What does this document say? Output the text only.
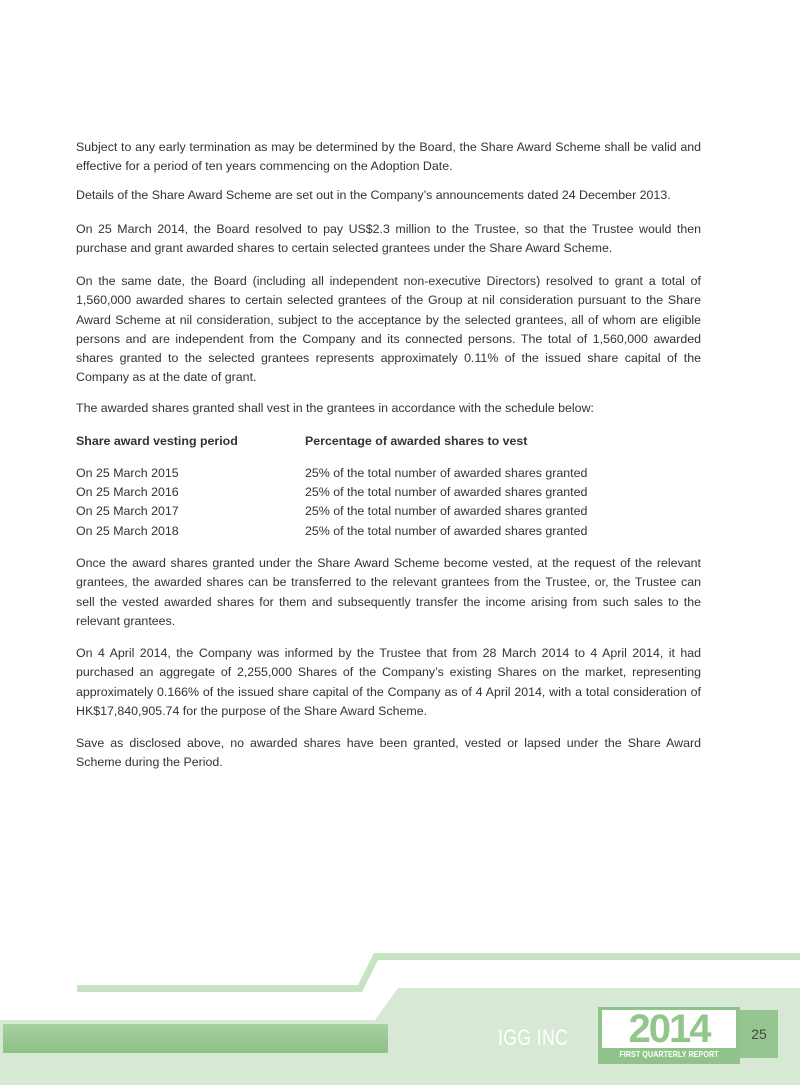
Subject to any early termination as may be determined by the Board, the Share Award Scheme shall be valid and effective for a period of ten years commencing on the Adoption Date.
Details of the Share Award Scheme are set out in the Company’s announcements dated 24 December 2013.
On 25 March 2014, the Board resolved to pay US$2.3 million to the Trustee, so that the Trustee would then purchase and grant awarded shares to certain selected grantees under the Share Award Scheme.
On the same date, the Board (including all independent non-executive Directors) resolved to grant a total of 1,560,000 awarded shares to certain selected grantees of the Group at nil consideration pursuant to the Share Award Scheme at nil consideration, subject to the acceptance by the selected grantees, all of whom are eligible persons and are independent from the Company and its connected persons. The total of 1,560,000 awarded shares granted to the selected grantees represents approximately 0.11% of the issued share capital of the Company as at the date of grant.
The awarded shares granted shall vest in the grantees in accordance with the schedule below:
Share award vesting period	Percentage of awarded shares to vest
On 25 March 2015	25% of the total number of awarded shares granted
On 25 March 2016	25% of the total number of awarded shares granted
On 25 March 2017	25% of the total number of awarded shares granted
On 25 March 2018	25% of the total number of awarded shares granted
Once the award shares granted under the Share Award Scheme become vested, at the request of the relevant grantees, the awarded shares can be transferred to the relevant grantees from the Trustee, or, the Trustee can sell the vested awarded shares for them and subsequently transfer the income arising from such sales to the relevant grantees.
On 4 April 2014, the Company was informed by the Trustee that from 28 March 2014 to 4 April 2014, it had purchased an aggregate of 2,255,000 Shares of the Company’s existing Shares on the market, representing approximately 0.166% of the issued share capital of the Company as of 4 April 2014, with a total consideration of HK$17,840,905.74 for the purpose of the Share Award Scheme.
Save as disclosed above, no awarded shares have been granted, vested or lapsed under the Share Award Scheme during the Period.
IGG INC	2014
FIRST QUARTERLY REPORT
25
